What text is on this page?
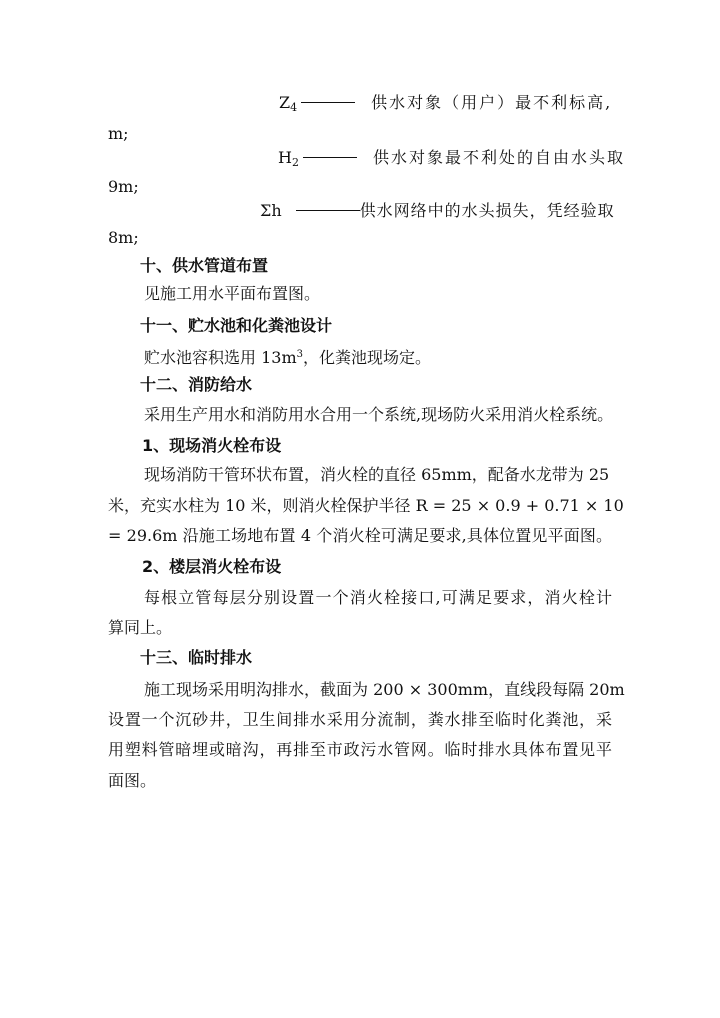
$Z_4$	供水对象（用户）最不利标高,
m;
$H_2$	供水对象最不利处的自由水头取
9m;
Σh	供水网络中的水头损失，凭经验取
8m;
十、供水管道布置
见施工用水平面布置图。
十一、贮水池和化粪池设计
贮水池容积选用 $13m^3$，化粪池现场定。
十二、消防给水
采用生产用水和消防用水合用一个系统,现场防火采用消火栓系统。
1、现场消火栓布设
现场消防干管环状布置，消火栓的直径 65mm，配备水龙带为 25
米，充实水柱为 10 米，则消火栓保护半径 R = 25 × 0.9 + 0.71 × 10
= 29.6m 沿施工场地布置 4 个消火栓可满足要求,具体位置见平面图。
2、楼层消火栓布设
每根立管每层分别设置一个消火栓接口,可满足要求，消火栓计
算同上。
十三、临时排水
施工现场采用明沟排水，截面为 200 × 300mm，直线段每隔 20m
设置一个沉砂井，卫生间排水采用分流制，粪水排至临时化粪池，采
用塑料管暗埋或暗沟，再排至市政污水管网。临时排水具体布置见平
面图。
